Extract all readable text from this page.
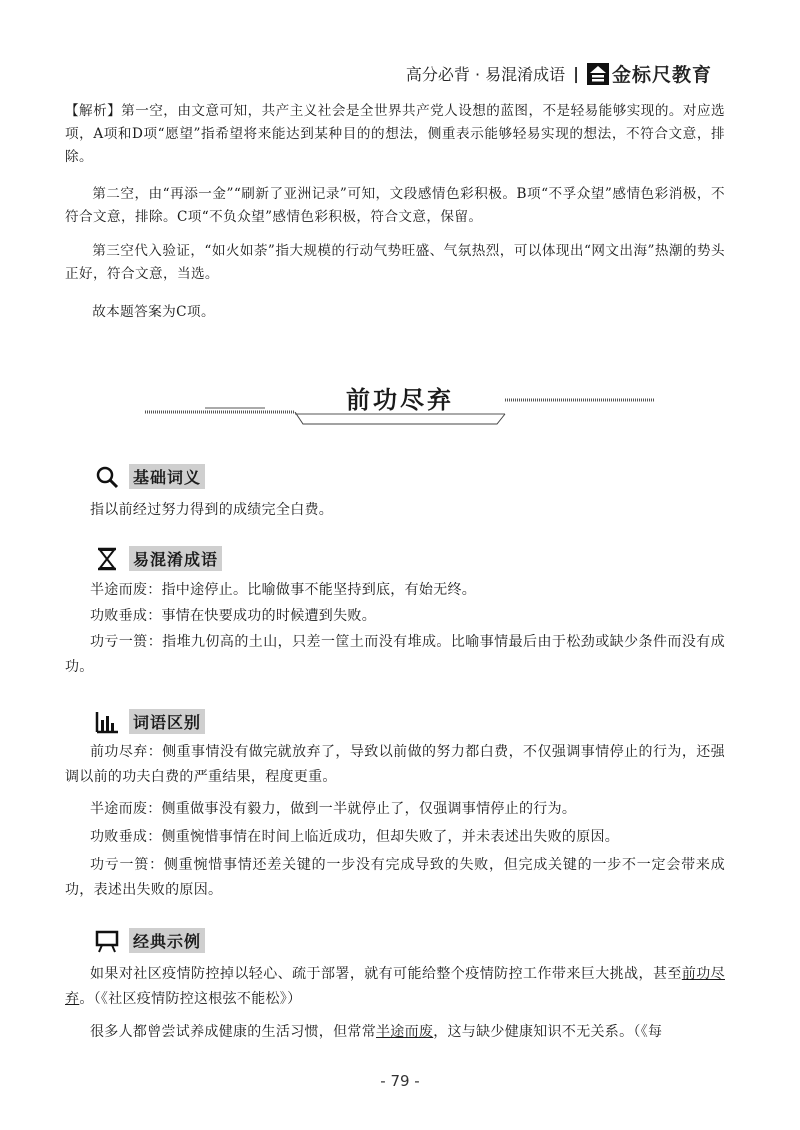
高分必背 · 易混淆成语 | 金标尺教育

【解析】第一空，由文意可知，共产主义社会是全世界共产党人设想的蓝图，不是轻易能够实现的。对应选项，A项和D项“愿望”指希望将来能达到某种目的的想法，侧重表示能够轻易实现的想法，不符合文意，排除。

第二空，由“再添一金”“刷新了亚洲记录”可知，文段感情色彩积极。B项“不孚众望”感情色彩消极，不符合文意，排除。C项“不负众望”感情色彩积极，符合文意，保留。

第三空代入验证，“如火如荼”指大规模的行动气势旺盛、气氛热烈，可以体现出“网文出海”热潮的势头正好，符合文意，当选。

故本题答案为C项。

前功尽弃
基础词义

指以前经过努力得到的成绩完全白费。

易混淆成语

半途而废：指中途停止。比喻做事不能坚持到底，有始无终。

功败垂成：事情在快要成功的时候遭到失败。

功亏一篑：指堆九仞高的土山，只差一筐土而没有堆成。比喻事情最后由于松劲或缺少条件而没有成功。

词语区别

前功尽弃：侧重事情没有做完就放弃了，导致以前做的努力都白费，不仅强调事情停止的行为，还强调以前的功夫白费的严重结果，程度更重。

半途而废：侧重做事没有毅力，做到一半就停止了，仅强调事情停止的行为。

功败垂成：侧重惋惜事情在时间上临近成功，但却失败了，并未表述出失败的原因。

功亏一篑：侧重惋惜事情还差关键的一步没有完成导致的失败，但完成关键的一步不一定会带来成功，表述出失败的原因。

经典示例

如果对社区疫情防控掉以轻心、疏于部署，就有可能给整个疫情防控工作带来巨大挑战，甚至前功尽弃。（《社区疫情防控这根弦不能松》）

很多人都曾尝试养成健康的生活习惯，但常常半途而废，这与缺少健康知识不无关系。（《每

- 79 -
